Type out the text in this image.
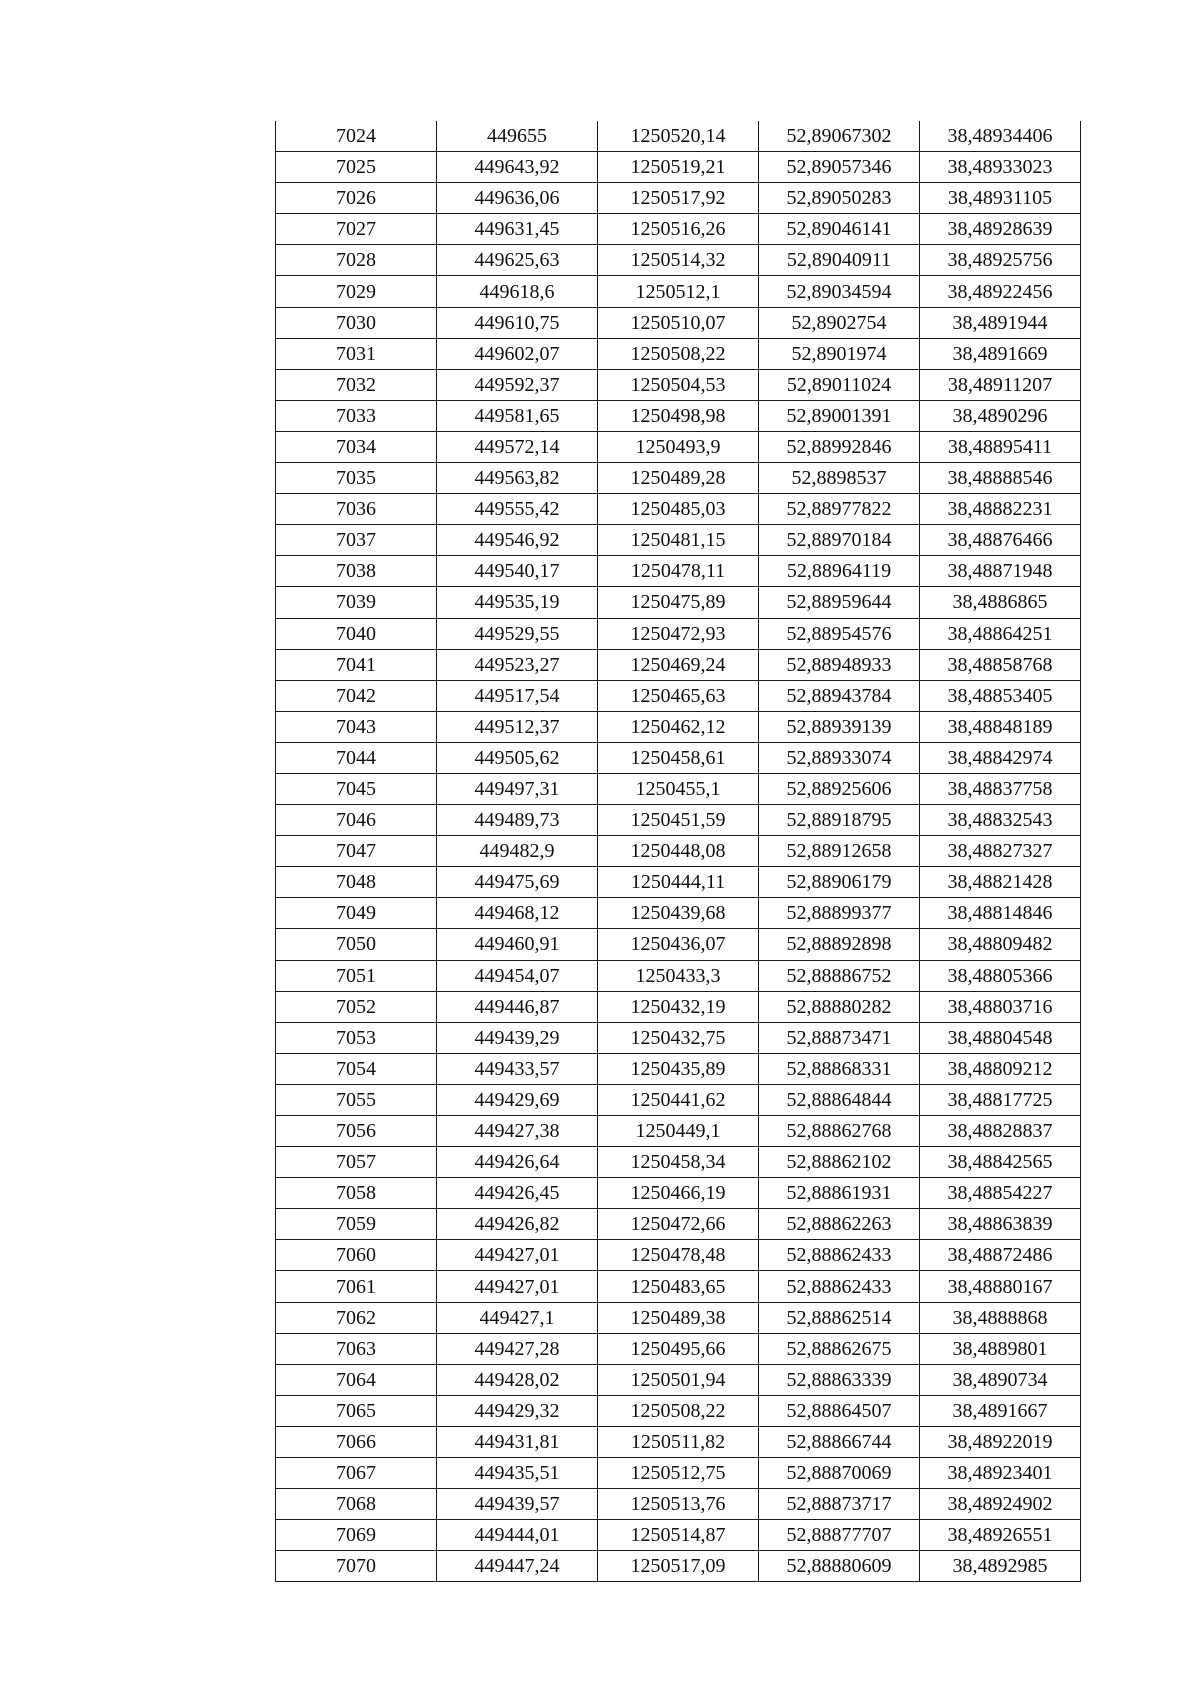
7024	449655	1250520,14	52,89067302	38,48934406
7025	449643,92	1250519,21	52,89057346	38,48933023
7026	449636,06	1250517,92	52,89050283	38,48931105
7027	449631,45	1250516,26	52,89046141	38,48928639
7028	449625,63	1250514,32	52,89040911	38,48925756
7029	449618,6	1250512,1	52,89034594	38,48922456
7030	449610,75	1250510,07	52,8902754	38,4891944
7031	449602,07	1250508,22	52,8901974	38,4891669
7032	449592,37	1250504,53	52,89011024	38,48911207
7033	449581,65	1250498,98	52,89001391	38,4890296
7034	449572,14	1250493,9	52,88992846	38,48895411
7035	449563,82	1250489,28	52,8898537	38,48888546
7036	449555,42	1250485,03	52,88977822	38,48882231
7037	449546,92	1250481,15	52,88970184	38,48876466
7038	449540,17	1250478,11	52,88964119	38,48871948
7039	449535,19	1250475,89	52,88959644	38,4886865
7040	449529,55	1250472,93	52,88954576	38,48864251
7041	449523,27	1250469,24	52,88948933	38,48858768
7042	449517,54	1250465,63	52,88943784	38,48853405
7043	449512,37	1250462,12	52,88939139	38,48848189
7044	449505,62	1250458,61	52,88933074	38,48842974
7045	449497,31	1250455,1	52,88925606	38,48837758
7046	449489,73	1250451,59	52,88918795	38,48832543
7047	449482,9	1250448,08	52,88912658	38,48827327
7048	449475,69	1250444,11	52,88906179	38,48821428
7049	449468,12	1250439,68	52,88899377	38,48814846
7050	449460,91	1250436,07	52,88892898	38,48809482
7051	449454,07	1250433,3	52,88886752	38,48805366
7052	449446,87	1250432,19	52,88880282	38,48803716
7053	449439,29	1250432,75	52,88873471	38,48804548
7054	449433,57	1250435,89	52,88868331	38,48809212
7055	449429,69	1250441,62	52,88864844	38,48817725
7056	449427,38	1250449,1	52,88862768	38,48828837
7057	449426,64	1250458,34	52,88862102	38,48842565
7058	449426,45	1250466,19	52,88861931	38,48854227
7059	449426,82	1250472,66	52,88862263	38,48863839
7060	449427,01	1250478,48	52,88862433	38,48872486
7061	449427,01	1250483,65	52,88862433	38,48880167
7062	449427,1	1250489,38	52,88862514	38,4888868
7063	449427,28	1250495,66	52,88862675	38,4889801
7064	449428,02	1250501,94	52,88863339	38,4890734
7065	449429,32	1250508,22	52,88864507	38,4891667
7066	449431,81	1250511,82	52,88866744	38,48922019
7067	449435,51	1250512,75	52,88870069	38,48923401
7068	449439,57	1250513,76	52,88873717	38,48924902
7069	449444,01	1250514,87	52,88877707	38,48926551
7070	449447,24	1250517,09	52,88880609	38,4892985
